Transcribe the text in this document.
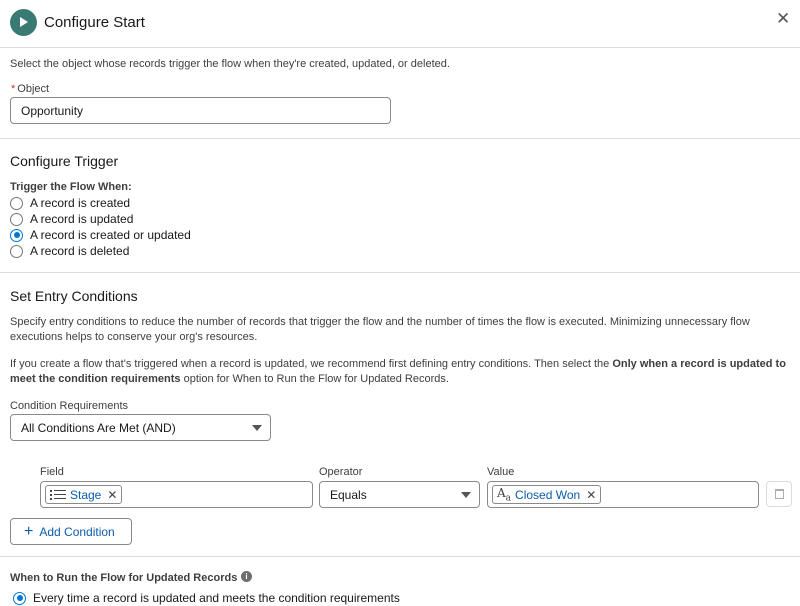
Configure Start	✕
Select the object whose records trigger the flow when they're created, updated, or deleted.
* Object
Opportunity
Configure Trigger
Trigger the Flow When:
A record is created
A record is updated
A record is created or updated
A record is deleted
Set Entry Conditions
Specify entry conditions to reduce the number of records that trigger the flow and the number of times the flow is executed. Minimizing unnecessary flow executions helps to conserve your org's resources.
If you create a flow that's triggered when a record is updated, we recommend first defining entry conditions. Then select the Only when a record is updated to meet the condition requirements option for When to Run the Flow for Updated Records.
Condition Requirements
All Conditions Are Met (AND)
Field	Operator	Value
Stage ✕	Equals	$A_a$ Closed Won ✕
+ Add Condition
When to Run the Flow for Updated Records	i
Every time a record is updated and meets the condition requirements
